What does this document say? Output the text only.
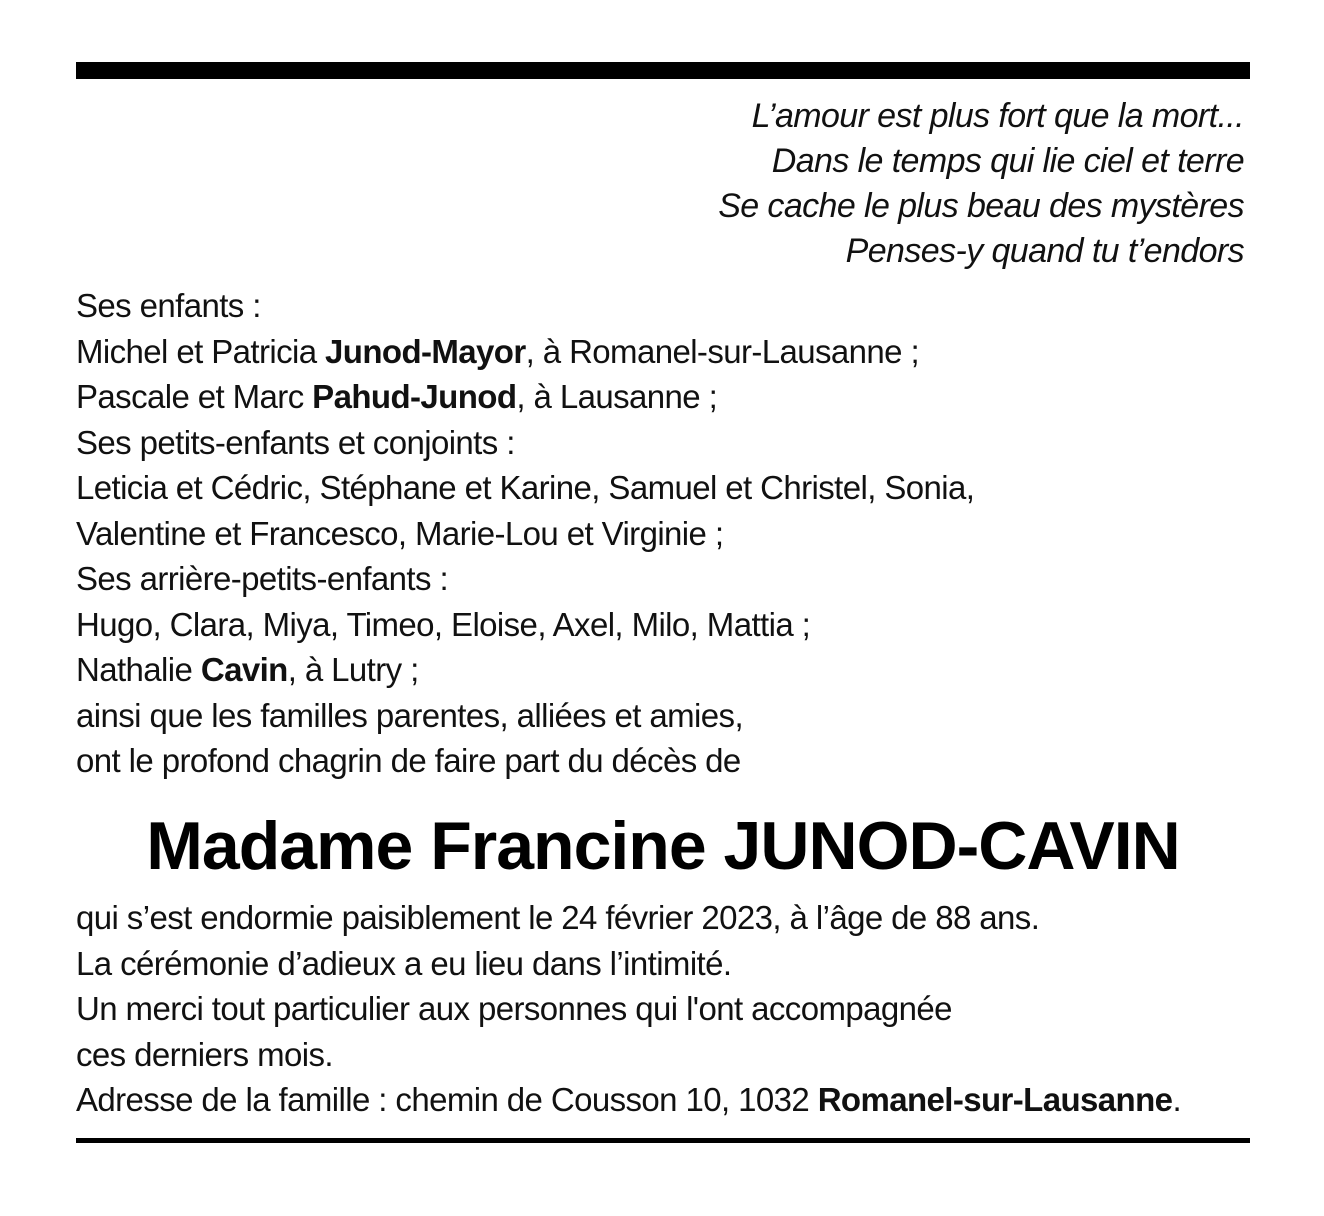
L’amour est plus fort que la mort...
Dans le temps qui lie ciel et terre
Se cache le plus beau des mystères
Penses-y quand tu t’endors
Ses enfants :
Michel et Patricia Junod-Mayor, à Romanel-sur-Lausanne ;
Pascale et Marc Pahud-Junod, à Lausanne ;
Ses petits-enfants et conjoints :
Leticia et Cédric, Stéphane et Karine, Samuel et Christel, Sonia,
Valentine et Francesco, Marie-Lou et Virginie ;
Ses arrière-petits-enfants :
Hugo, Clara, Miya, Timeo, Eloise, Axel, Milo, Mattia ;
Nathalie Cavin, à Lutry ;
ainsi que les familles parentes, alliées et amies,
ont le profond chagrin de faire part du décès de
Madame Francine JUNOD-CAVIN
qui s’est endormie paisiblement le 24 février 2023, à l’âge de 88 ans.
La cérémonie d’adieux a eu lieu dans l’intimité.
Un merci tout particulier aux personnes qui l'ont accompagnée
ces derniers mois.
Adresse de la famille : chemin de Cousson 10, 1032 Romanel-sur-Lausanne.
